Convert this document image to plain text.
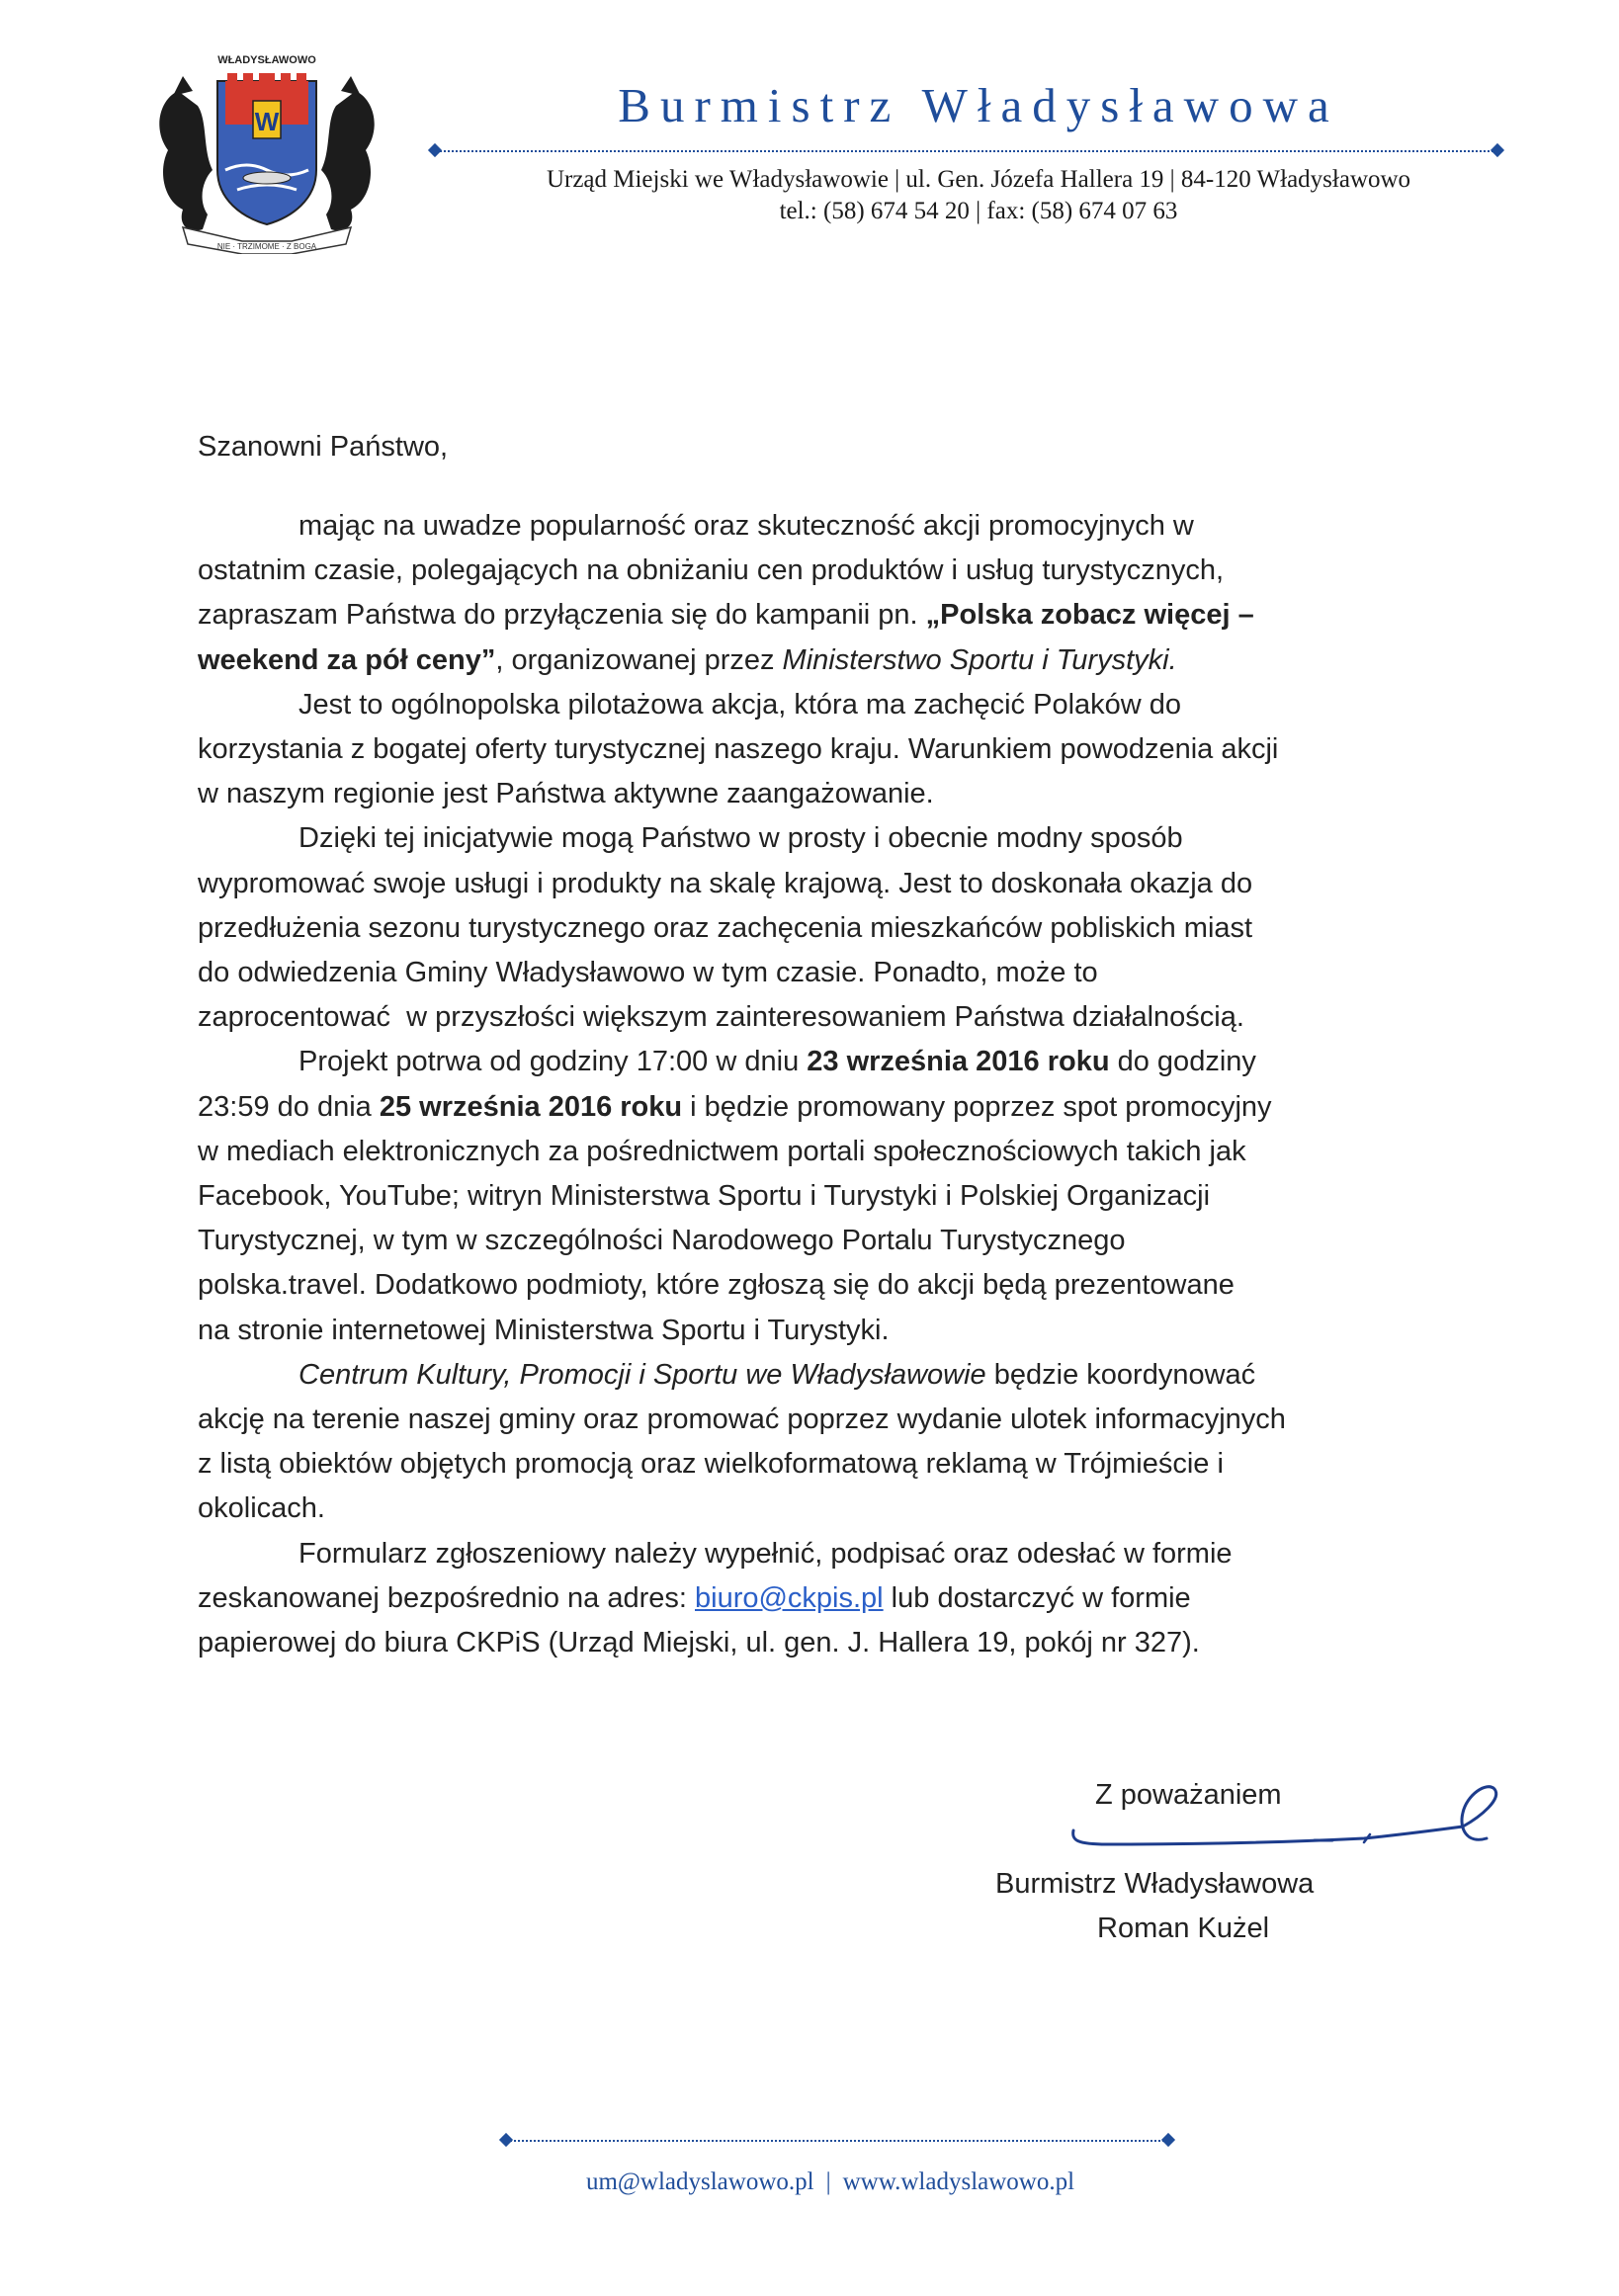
WŁADYSŁAWOWO
W
NIE · TRZIMOME · Z BOGA
Burmistrz Władysławowa
Urząd Miejski we Władysławowie | ul. Gen. Józefa Hallera 19 | 84-120 Władysławowo
tel.: (58) 674 54 20 | fax: (58) 674 07 63
Szanowni Państwo,
mając na uwadze popularność oraz skuteczność akcji promocyjnych w
ostatnim czasie, polegających na obniżaniu cen produktów i usług turystycznych,
zapraszam Państwa do przyłączenia się do kampanii pn. „Polska zobacz więcej –
weekend za pół ceny”, organizowanej przez Ministerstwo Sportu i Turystyki.
Jest to ogólnopolska pilotażowa akcja, która ma zachęcić Polaków do
korzystania z bogatej oferty turystycznej naszego kraju. Warunkiem powodzenia akcji
w naszym regionie jest Państwa aktywne zaangażowanie.
Dzięki tej inicjatywie mogą Państwo w prosty i obecnie modny sposób
wypromować swoje usługi i produkty na skalę krajową. Jest to doskonała okazja do
przedłużenia sezonu turystycznego oraz zachęcenia mieszkańców pobliskich miast
do odwiedzenia Gminy Władysławowo w tym czasie. Ponadto, może to
zaprocentować  w przyszłości większym zainteresowaniem Państwa działalnością.
Projekt potrwa od godziny 17:00 w dniu 23 września 2016 roku do godziny
23:59 do dnia 25 września 2016 roku i będzie promowany poprzez spot promocyjny
w mediach elektronicznych za pośrednictwem portali społecznościowych takich jak
Facebook, YouTube; witryn Ministerstwa Sportu i Turystyki i Polskiej Organizacji
Turystycznej, w tym w szczególności Narodowego Portalu Turystycznego
polska.travel. Dodatkowo podmioty, które zgłoszą się do akcji będą prezentowane
na stronie internetowej Ministerstwa Sportu i Turystyki.
Centrum Kultury, Promocji i Sportu we Władysławowie będzie koordynować
akcję na terenie naszej gminy oraz promować poprzez wydanie ulotek informacyjnych
z listą obiektów objętych promocją oraz wielkoformatową reklamą w Trójmieście i
okolicach.
Formularz zgłoszeniowy należy wypełnić, podpisać oraz odesłać w formie
zeskanowanej bezpośrednio na adres: biuro@ckpis.pl lub dostarczyć w formie
papierowej do biura CKPiS (Urząd Miejski, ul. gen. J. Hallera 19, pokój nr 327).
Z poważaniem
Burmistrz Władysławowa
Roman Kużel
um@wladyslawowo.pl | www.wladyslawowo.pl
